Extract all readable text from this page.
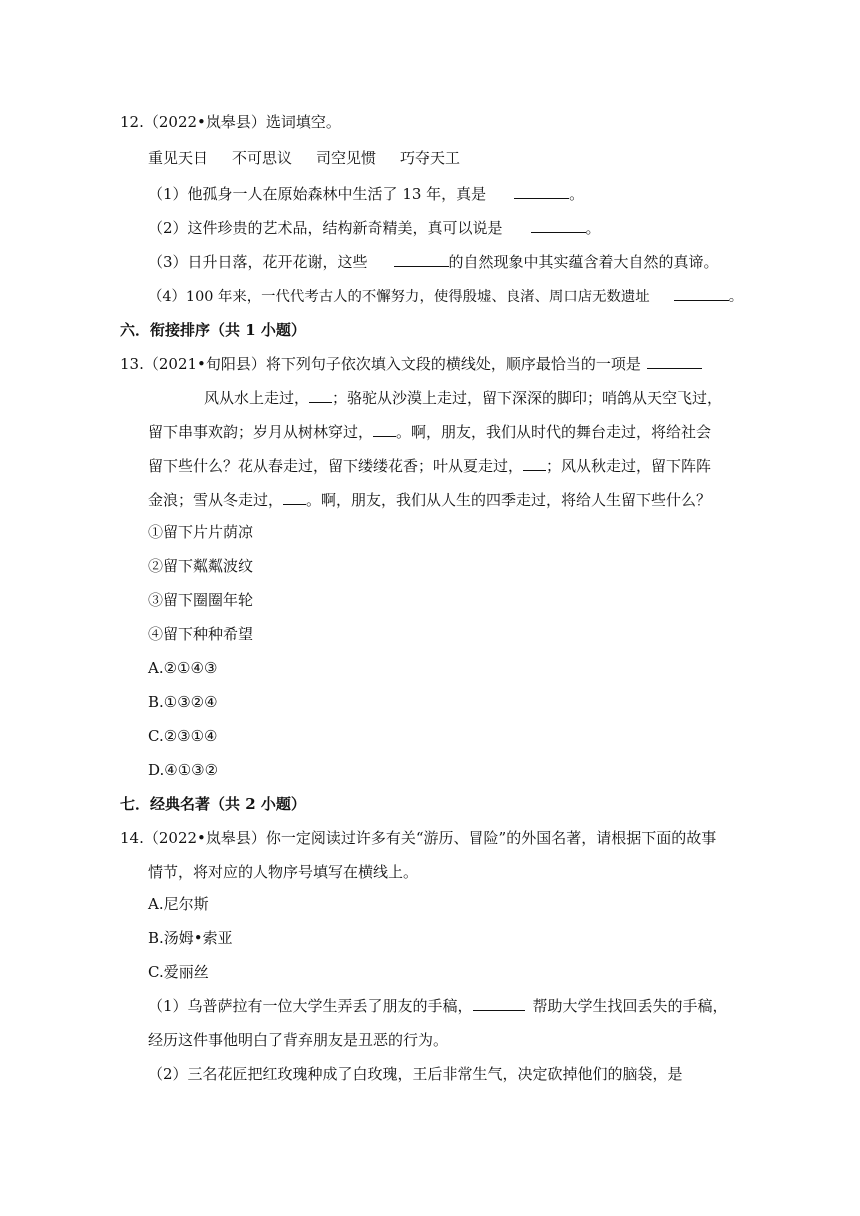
12.（2022•岚皋县）选词填空。
重见天日 不可思议 司空见惯 巧夺天工
（1）他孤身一人在原始森林中生活了 13 年，真是	。
（2）这件珍贵的艺术品，结构新奇精美，真可以说是	。
（3）日升日落，花开花谢，这些	的自然现象中其实蕴含着大自然的真谛。
（4）100 年来，一代代考古人的不懈努力，使得殷墟、良渚、周口店无数遗址	。
六．衔接排序（共 1 小题）
13.（2021•旬阳县）将下列句子依次填入文段的横线处，顺序最恰当的一项是
风从水上走过， ；骆驼从沙漠上走过，留下深深的脚印；哨鸽从天空飞过，
留下串事欢韵；岁月从树林穿过， 。啊，朋友，我们从时代的舞台走过，将给社会
留下些什么？花从春走过，留下缕缕花香；叶从夏走过， ；风从秋走过，留下阵阵
金浪；雪从冬走过， 。啊，朋友，我们从人生的四季走过，将给人生留下些什么？
①留下片片荫凉
②留下粼粼波纹
③留下圈圈年轮
④留下种种希望
A.②①④③
B.①③②④
C.②③①④
D.④①③②
七．经典名著（共 2 小题）
14.（2022•岚皋县）你一定阅读过许多有关“游历、冒险”的外国名著，请根据下面的故事
情节，将对应的人物序号填写在横线上。
A.尼尔斯
B.汤姆•索亚
C.爱丽丝
（1）乌普萨拉有一位大学生弄丢了朋友的手稿，	帮助大学生找回丢失的手稿，
经历这件事他明白了背弃朋友是丑恶的行为。
（2）三名花匠把红玫瑰种成了白玫瑰，王后非常生气，决定砍掉他们的脑袋，是
